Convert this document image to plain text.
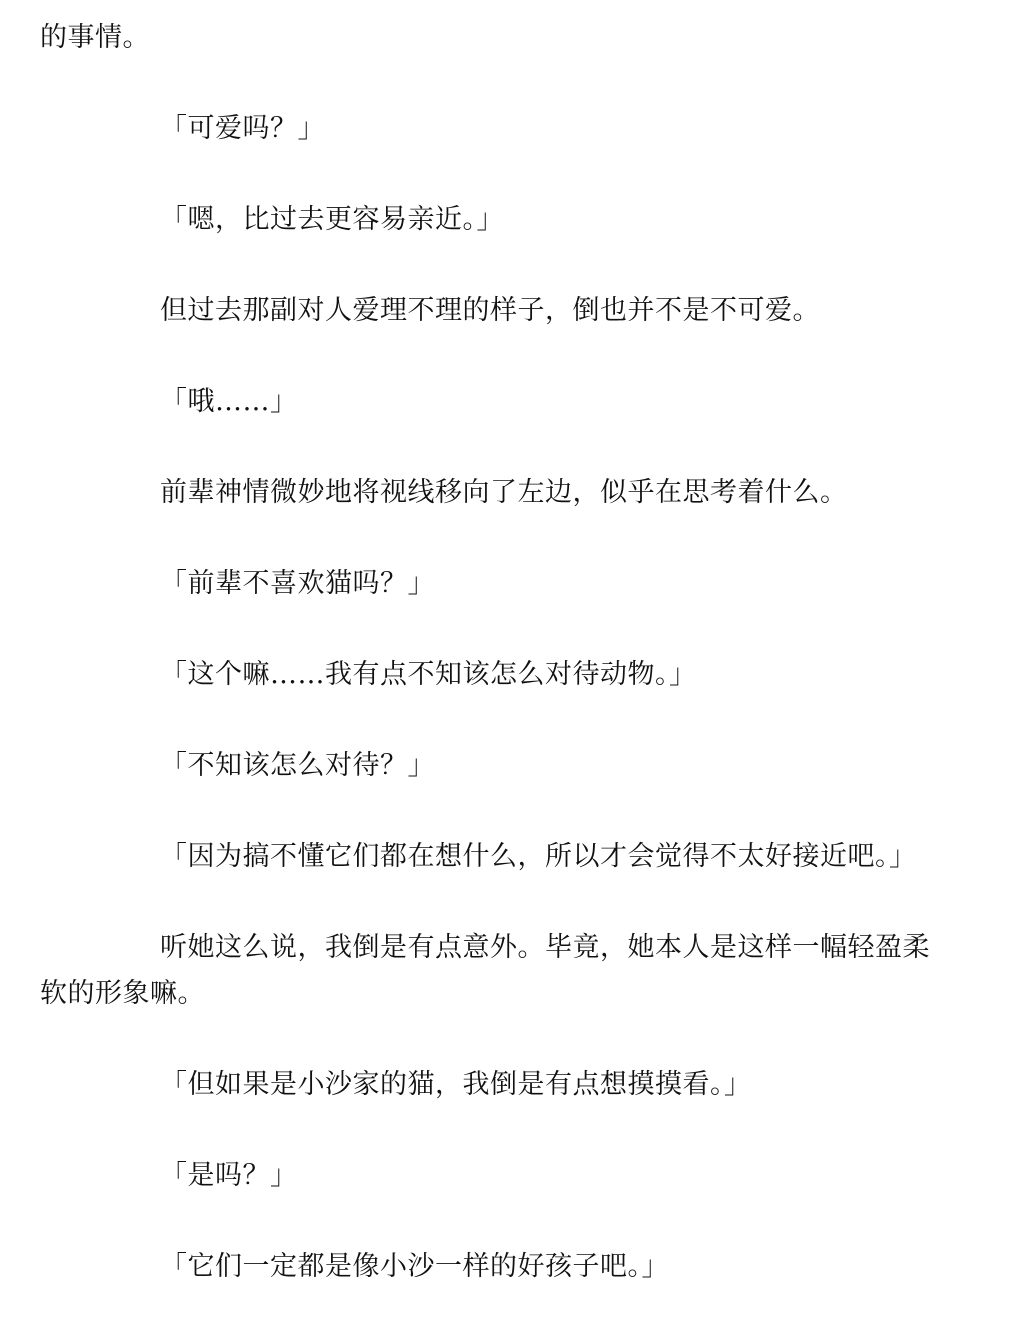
的事情。
「可爱吗？」
「嗯，比过去更容易亲近。」
但过去那副对人爱理不理的样子，倒也并不是不可爱。
「哦……」
前辈神情微妙地将视线移向了左边，似乎在思考着什么。
「前辈不喜欢猫吗？」
「这个嘛……我有点不知该怎么对待动物。」
「不知该怎么对待？」
「因为搞不懂它们都在想什么，所以才会觉得不太好接近吧。」
听她这么说，我倒是有点意外。毕竟，她本人是这样一幅轻盈柔
软的形象嘛。
「但如果是小沙家的猫，我倒是有点想摸摸看。」
「是吗？」
「它们一定都是像小沙一样的好孩子吧。」
